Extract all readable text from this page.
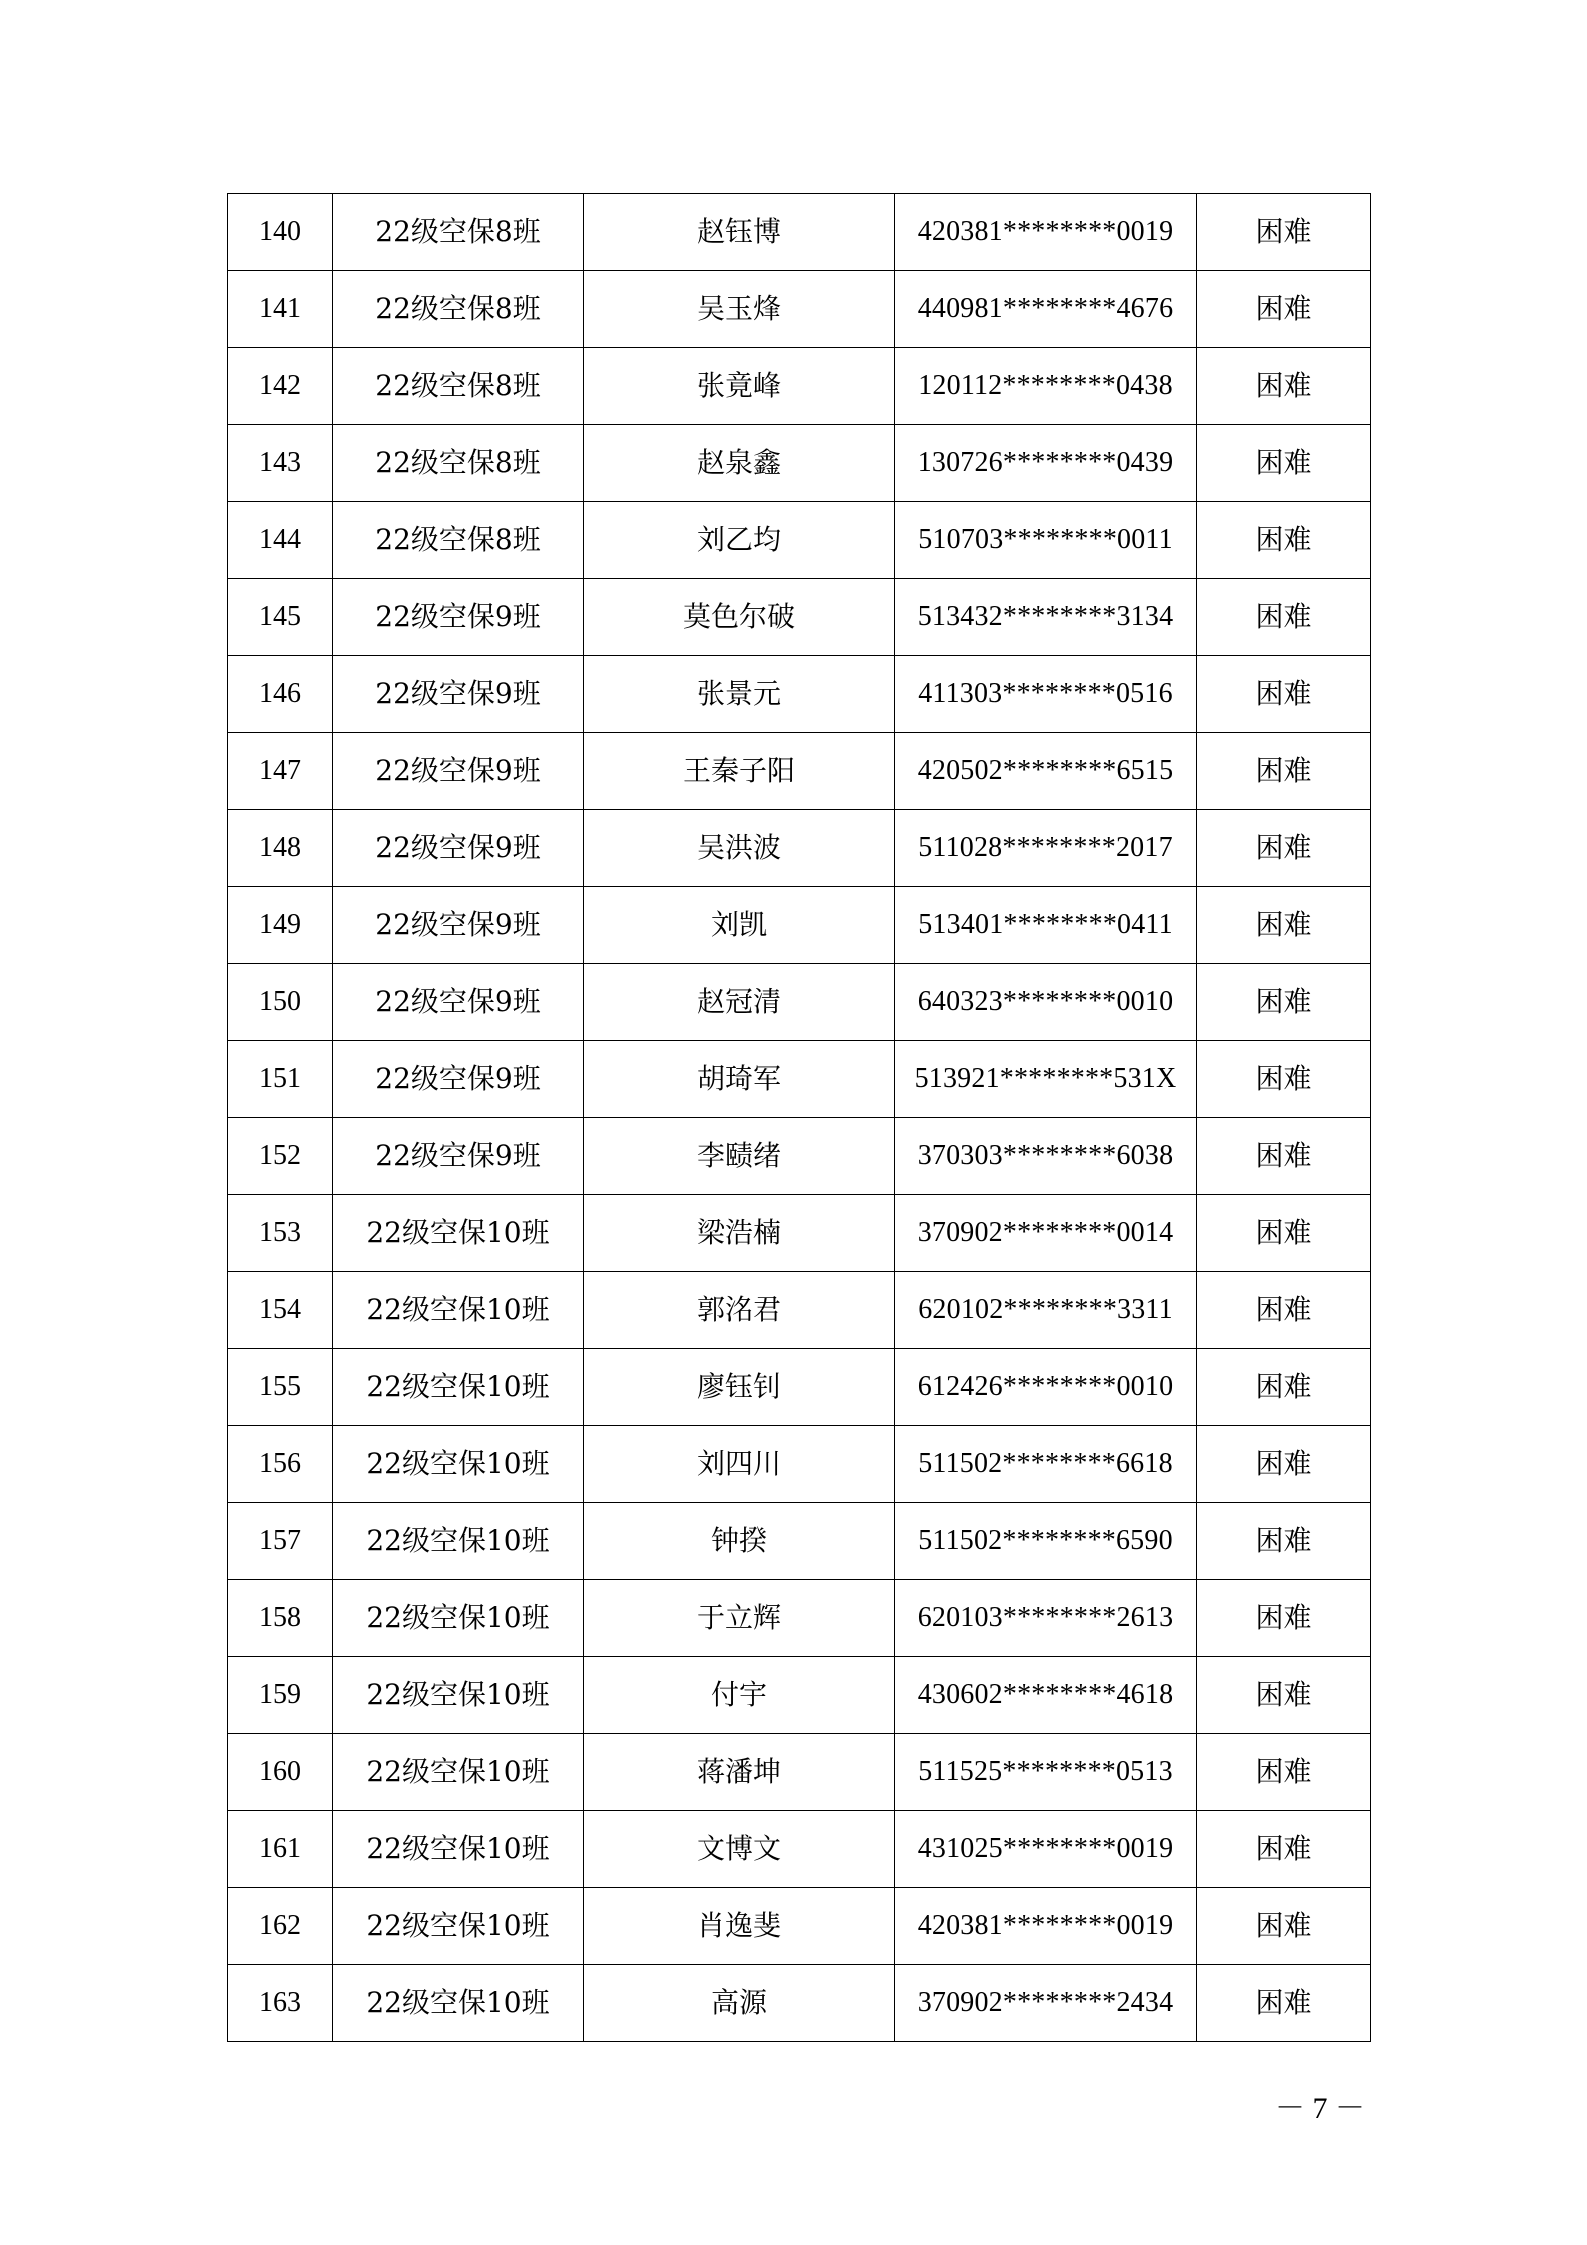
140	22级空保8班	赵钰博	420381********0019	困难
141	22级空保8班	吴玉烽	440981********4676	困难
142	22级空保8班	张竟峰	120112********0438	困难
143	22级空保8班	赵泉鑫	130726********0439	困难
144	22级空保8班	刘乙均	510703********0011	困难
145	22级空保9班	莫色尔破	513432********3134	困难
146	22级空保9班	张景元	411303********0516	困难
147	22级空保9班	王秦子阳	420502********6515	困难
148	22级空保9班	吴洪波	511028********2017	困难
149	22级空保9班	刘凯	513401********0411	困难
150	22级空保9班	赵冠清	640323********0010	困难
151	22级空保9班	胡琦军	513921********531X	困难
152	22级空保9班	李赜绪	370303********6038	困难
153	22级空保10班	梁浩楠	370902********0014	困难
154	22级空保10班	郭洺君	620102********3311	困难
155	22级空保10班	廖钰钊	612426********0010	困难
156	22级空保10班	刘四川	511502********6618	困难
157	22级空保10班	钟揆	511502********6590	困难
158	22级空保10班	于立辉	620103********2613	困难
159	22级空保10班	付宇	430602********4618	困难
160	22级空保10班	蒋潘坤	511525********0513	困难
161	22级空保10班	文博文	431025********0019	困难
162	22级空保10班	肖逸斐	420381********0019	困难
163	22级空保10班	高源	370902********2434	困难
－ 7 －
